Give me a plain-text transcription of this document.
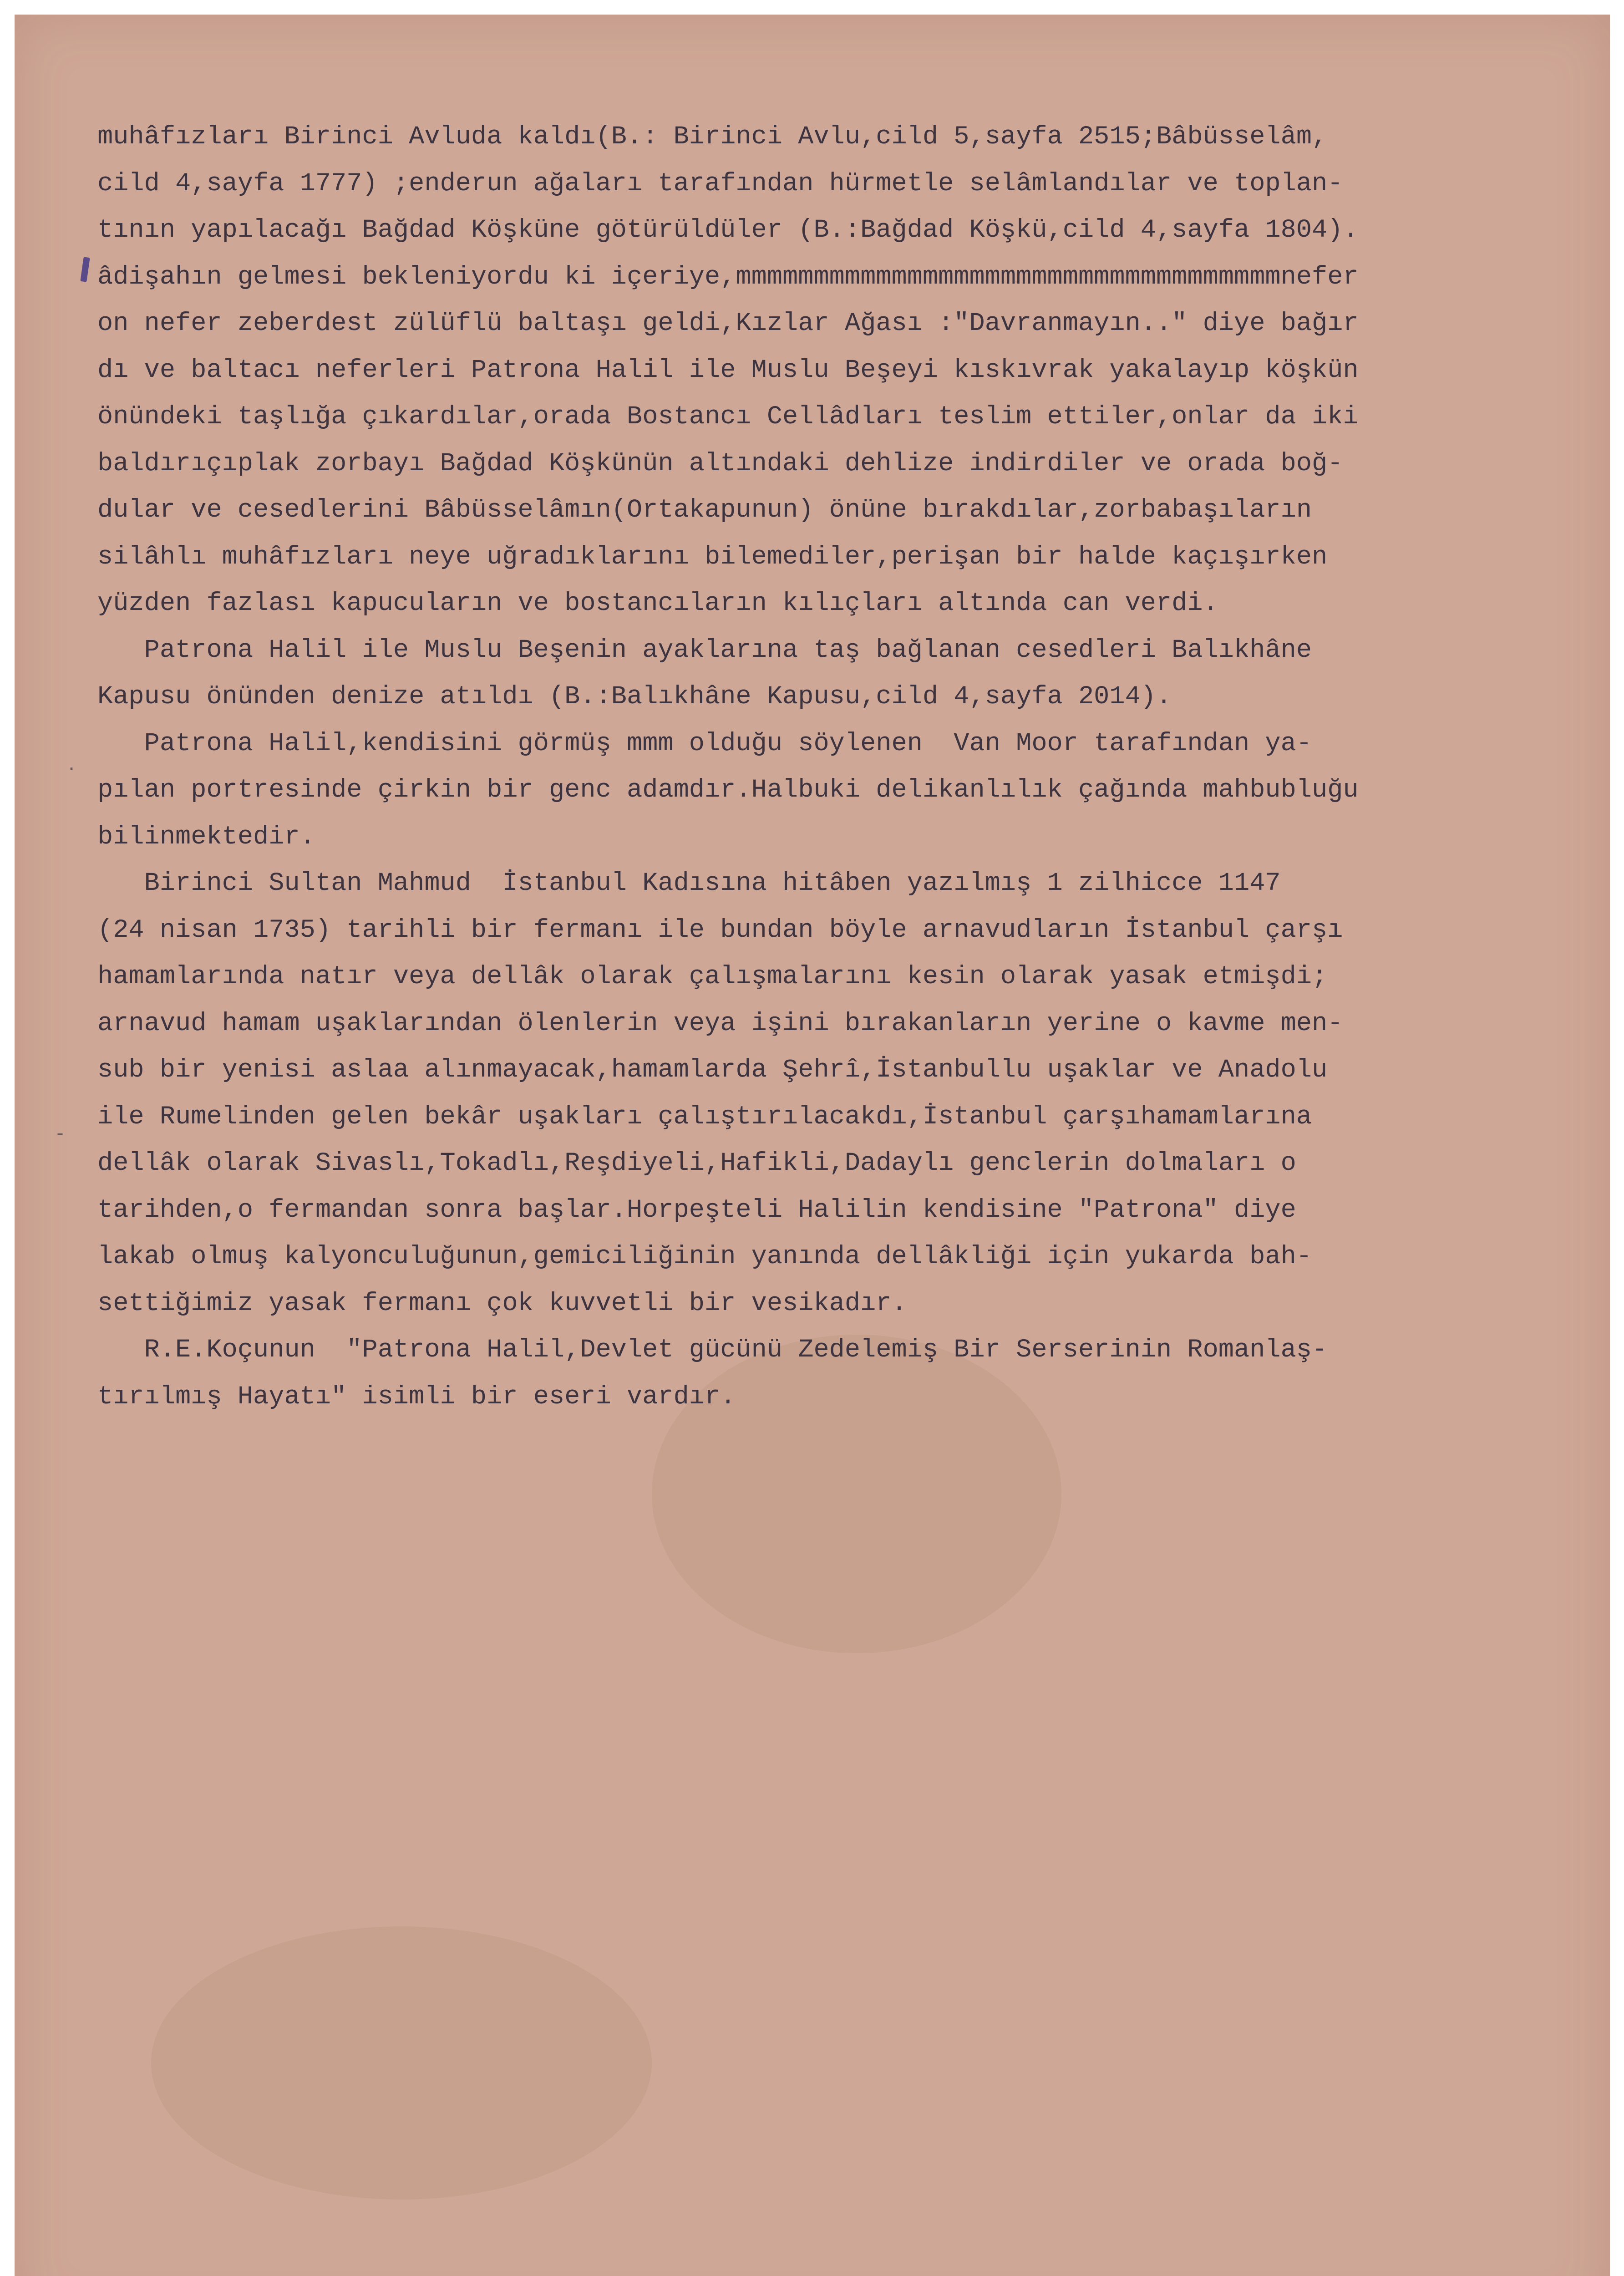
·
-
muhâfızları Birinci Avluda kaldı(B.: Birinci Avlu,cild 5,sayfa 2515;Bâbüsselâm,
cild 4,sayfa 1777) ;enderun ağaları tarafından hürmetle selâmlandılar ve toplan-
tının yapılacağı Bağdad Köşküne götürüldüler (B.:Bağdad Köşkü,cild 4,sayfa 1804).
âdişahın gelmesi bekleniyordu ki içeriye,mmmmmmmmmmmmmmmmmmmmmmmmmmmmmmmmmmmnefer
on nefer zeberdest zülüflü baltaşı geldi,Kızlar Ağası :"Davranmayın.." diye bağır
dı ve baltacı neferleri Patrona Halil ile Muslu Beşeyi kıskıvrak yakalayıp köşkün
önündeki taşlığa çıkardılar,orada Bostancı Cellâdları teslim ettiler,onlar da iki
baldırıçıplak zorbayı Bağdad Köşkünün altındaki dehlize indirdiler ve orada boğ-
dular ve cesedlerini Bâbüsselâmın(Ortakapunun) önüne bırakdılar,zorbabaşıların
silâhlı muhâfızları neye uğradıklarını bilemediler,perişan bir halde kaçışırken
yüzden fazlası kapucuların ve bostancıların kılıçları altında can verdi.
Patrona Halil ile Muslu Beşenin ayaklarına taş bağlanan cesedleri Balıkhâne
Kapusu önünden denize atıldı (B.:Balıkhâne Kapusu,cild 4,sayfa 2014).
Patrona Halil,kendisini görmüş mmm olduğu söylenen  Van Moor tarafından ya-
pılan portresinde çirkin bir genc adamdır.Halbuki delikanlılık çağında mahbubluğu
bilinmektedir.
Birinci Sultan Mahmud  İstanbul Kadısına hitâben yazılmış 1 zilhicce 1147
(24 nisan 1735) tarihli bir fermanı ile bundan böyle arnavudların İstanbul çarşı
hamamlarında natır veya dellâk olarak çalışmalarını kesin olarak yasak etmişdi;
arnavud hamam uşaklarından ölenlerin veya işini bırakanların yerine o kavme men-
sub bir yenisi aslaa alınmayacak,hamamlarda Şehrî,İstanbullu uşaklar ve Anadolu
ile Rumelinden gelen bekâr uşakları çalıştırılacakdı,İstanbul çarşıhamamlarına
dellâk olarak Sivaslı,Tokadlı,Reşdiyeli,Hafikli,Dadaylı genclerin dolmaları o
tarihden,o fermandan sonra başlar.Horpeşteli Halilin kendisine "Patrona" diye
lakab olmuş kalyonculuğunun,gemiciliğinin yanında dellâkliği için yukarda bah-
settiğimiz yasak fermanı çok kuvvetli bir vesikadır.
R.E.Koçunun  "Patrona Halil,Devlet gücünü Zedelemiş Bir Serserinin Romanlaş-
tırılmış Hayatı" isimli bir eseri vardır.
